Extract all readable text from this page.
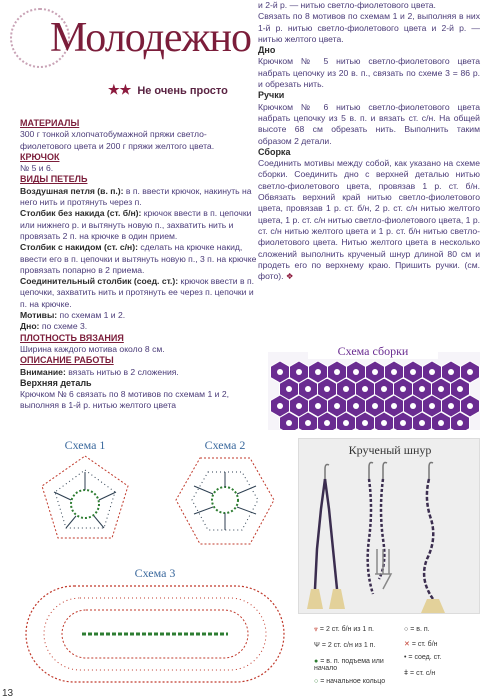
Молодежно
★★ Не очень просто

МАТЕРИАЛЫ

300 г тонкой хлопчатобумажной пряжи светло-фиолетового цвета и 200 г пряжи желтого цвета.

КРЮЧОК

№ 5 и 6.

ВИДЫ ПЕТЕЛЬ

Воздушная петля (в. п.): в п. ввести крючок, накинуть на него нить и протянуть через п.

Столбик без накида (ст. б/н): крючок ввести в п. цепочки или нижнего р. и вытянуть новую п., захватить нить и провязать 2 п. на крючке в один прием.

Столбик с накидом (ст. с/н): сделать на крючке накид, ввести его в п. цепочки и вытянуть новую п., 3 п. на крючке провязать попарно в 2 приема.

Соединительный столбик (соед. ст.): крючок ввести в п. цепочки, захватить нить и протянуть ее через п. цепочки и п. на крючке.

Мотивы: по схемам 1 и 2.

Дно: по схеме 3.

ПЛОТНОСТЬ ВЯЗАНИЯ

Ширина каждого мотива около 8 см.

ОПИСАНИЕ РАБОТЫ

Внимание: вязать нитью в 2 сложения.

Верхняя деталь

Крючком № 6 связать по 8 мотивов по схемам 1 и 2, выполняя в 1-й р. нитью желтого цвета

и 2-й р. — нитью светло-фиолетового цвета.

Связать по 8 мотивов по схемам 1 и 2, выполняя в них 1-й р. нитью светло-фиолетового цвета и 2-й р. — нитью желтого цвета.

Дно

Крючком № 5 нитью светло-фиолетового цвета набрать цепочку из 20 в. п., связать по схеме 3 = 86 р. и обрезать нить.

Ручки

Крючком № 6 нитью светло-фиолетового цвета набрать цепочку из 5 в. п. и вязать ст. с/н. На общей высоте 68 см обрезать нить. Выполнить таким образом 2 детали.

Сборка

Соединить мотивы между собой, как указано на схеме сборки. Соединить дно с верхней деталью нитью светло-фиолетового цвета, провязав 1 р. ст. б/н. Обвязать верхний край нитью светло-фиолетового цвета, провязав 1 р. ст. б/н, 2 р. ст. с/н нитью желтого цвета, 1 р. ст. с/н нитью светло-фиолетового цвета, 1 р. ст. с/н нитью желтого цвета и 1 р. ст. б/н нитью светло-фиолетового цвета. Нитью желтого цвета в несколько сложений выполнить крученый шнур длиной 80 см и продеть его по верхнему краю. Пришить ручки. (см. фото). ❖

Схема сборки
Крученый шнур
Схема 1	Схема 2
Схема 3
⩔ = 2 ст. б/н из 1 п.
Ψ = 2 ст. с/н из 1 п.
● = в. п. подъема или начало
○ = начальное кольцо
○ = в. п.
✕ = ст. б/н
• = соед. ст.
ǂ = ст. с/н
13
